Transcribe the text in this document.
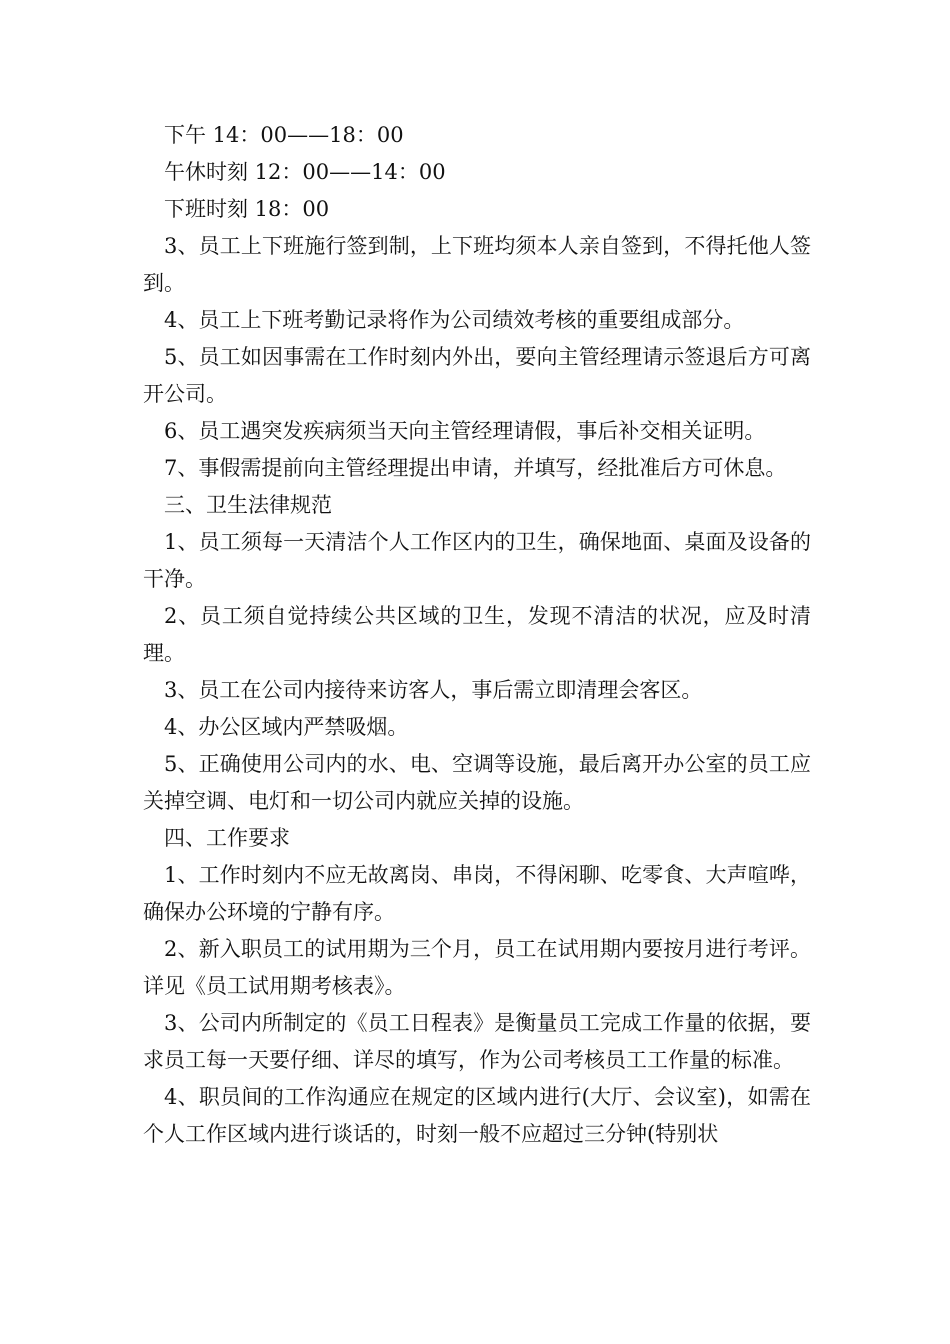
下午 14：00——18：00

午休时刻 12：00——14：00

下班时刻 18：00

3、员工上下班施行签到制，上下班均须本人亲自签到，不得托他人签到。

4、员工上下班考勤记录将作为公司绩效考核的重要组成部分。

5、员工如因事需在工作时刻内外出，要向主管经理请示签退后方可离开公司。

6、员工遇突发疾病须当天向主管经理请假，事后补交相关证明。

7、事假需提前向主管经理提出申请，并填写，经批准后方可休息。

三、卫生法律规范

1、员工须每一天清洁个人工作区内的卫生，确保地面、桌面及设备的干净。

2、员工须自觉持续公共区域的卫生，发现不清洁的状况，应及时清理。

3、员工在公司内接待来访客人，事后需立即清理会客区。

4、办公区域内严禁吸烟。

5、正确使用公司内的水、电、空调等设施，最后离开办公室的员工应关掉空调、电灯和一切公司内就应关掉的设施。

四、工作要求

1、工作时刻内不应无故离岗、串岗，不得闲聊、吃零食、大声喧哗，确保办公环境的宁静有序。

2、新入职员工的试用期为三个月，员工在试用期内要按月进行考评。详见《员工试用期考核表》。

3、公司内所制定的《员工日程表》是衡量员工完成工作量的依据，要求员工每一天要仔细、详尽的填写，作为公司考核员工工作量的标准。

4、职员间的工作沟通应在规定的区域内进行(大厅、会议室)，如需在个人工作区域内进行谈话的，时刻一般不应超过三分钟(特别状
